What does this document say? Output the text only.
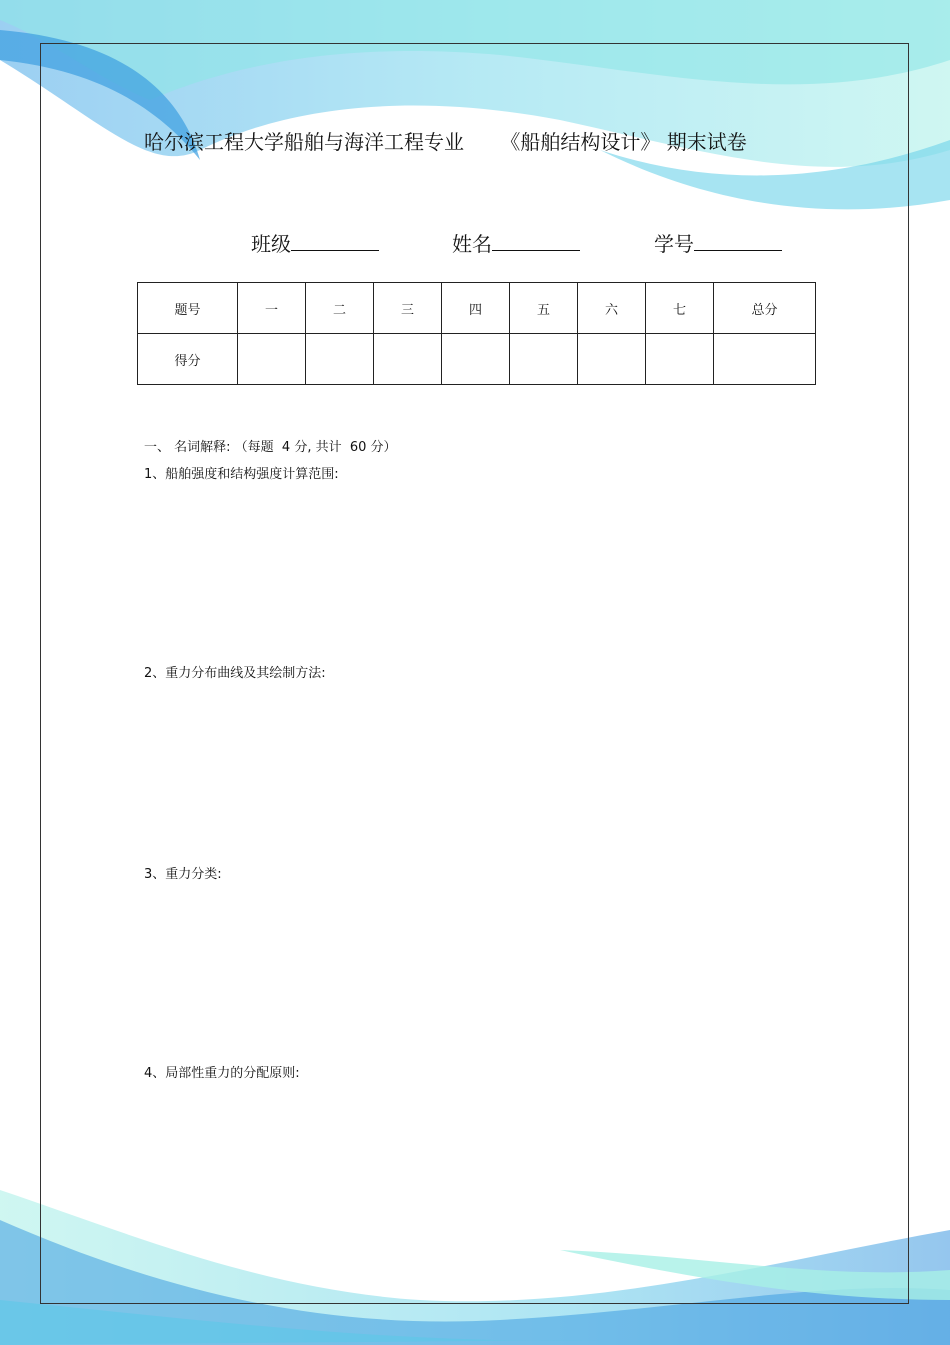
哈尔滨工程大学船舶与海洋工程专业 　　《船舶结构设计》 期末试卷
班级	姓名	学号
题号	一	二	三	四	五	六	七	总分
得分								
一、 名词解释: （每题  4 分, 共计  60 分）
1、船舶强度和结构强度计算范围:
2、重力分布曲线及其绘制方法:
3、重力分类:
4、局部性重力的分配原则:
